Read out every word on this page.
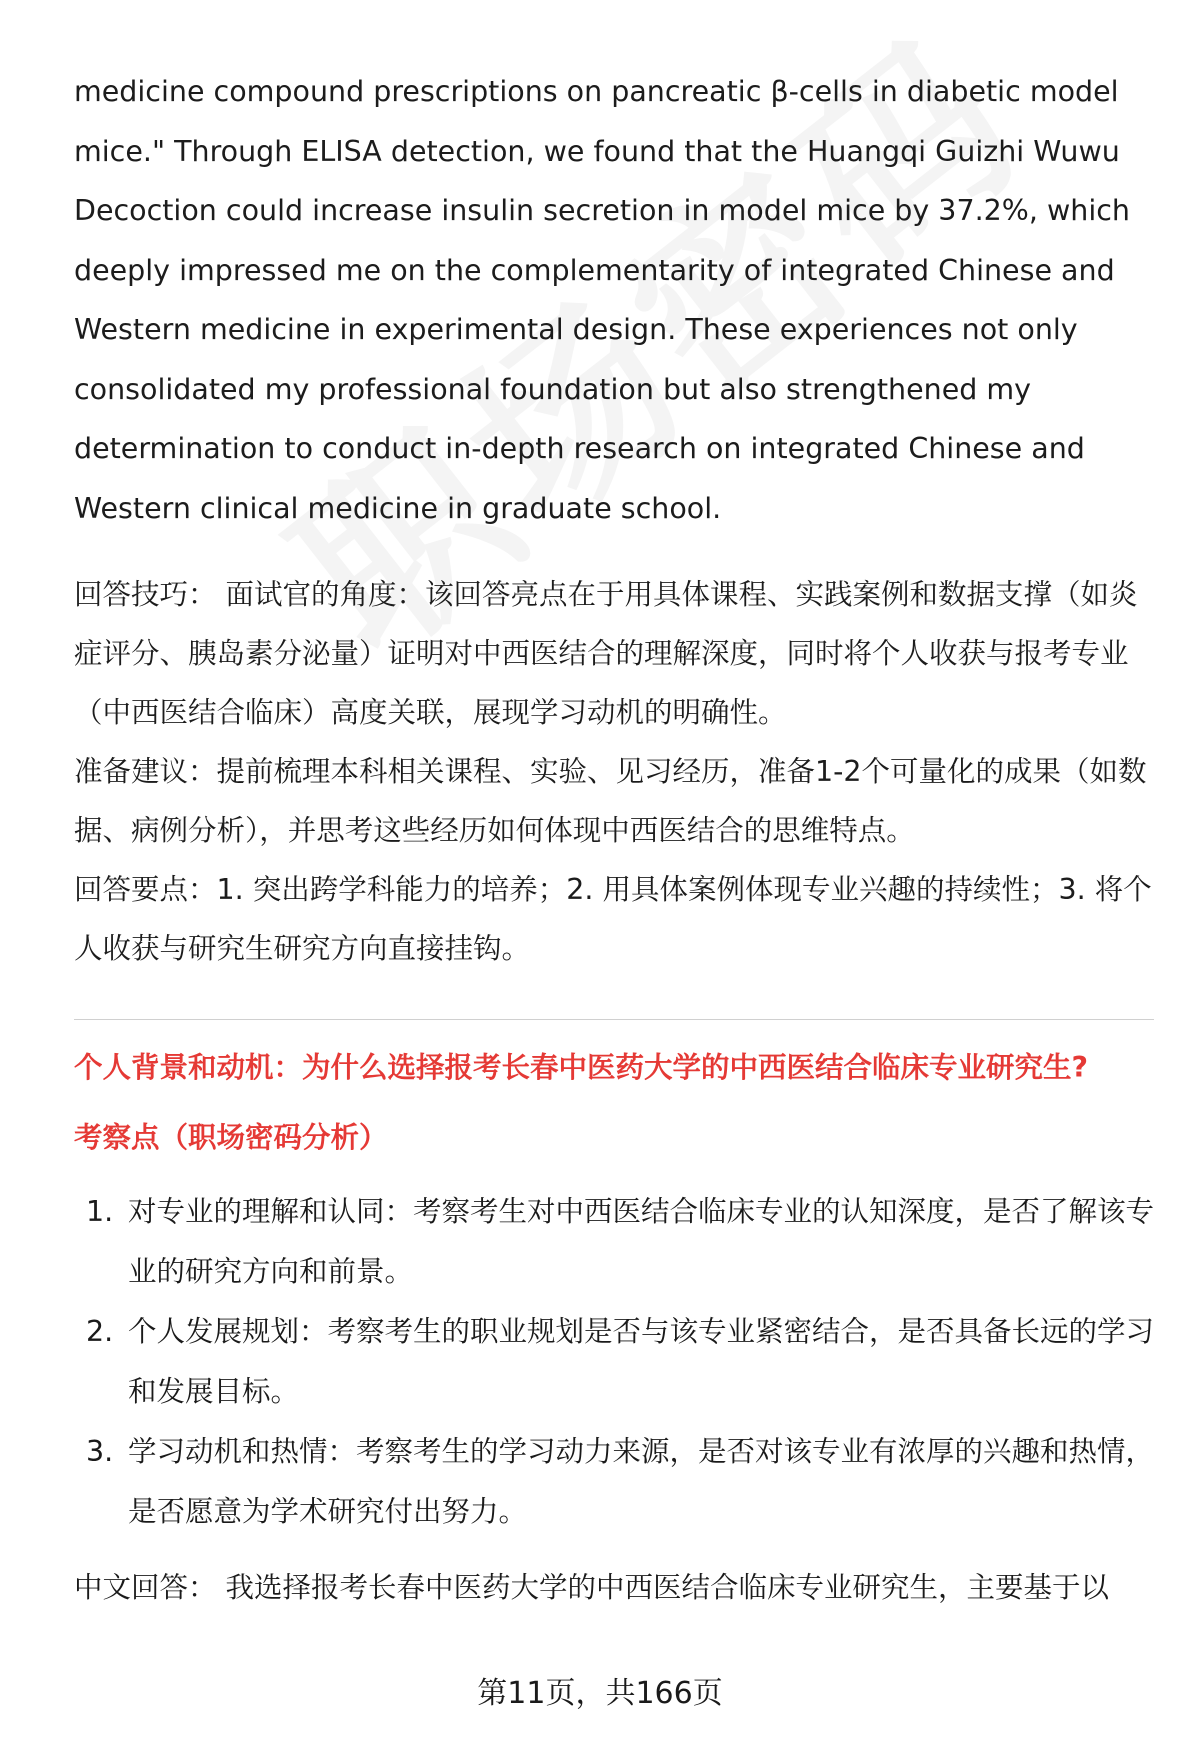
medicine compound prescriptions on pancreatic β-cells in diabetic model mice." Through ELISA detection, we found that the Huangqi Guizhi Wuwu Decoction could increase insulin secretion in model mice by 37.2%, which deeply impressed me on the complementarity of integrated Chinese and Western medicine in experimental design. These experiences not only consolidated my professional foundation but also strengthened my determination to conduct in-depth research on integrated Chinese and Western clinical medicine in graduate school.

回答技巧： 面试官的角度：该回答亮点在于用具体课程、实践案例和数据支撑（如炎症评分、胰岛素分泌量）证明对中西医结合的理解深度，同时将个人收获与报考专业（中西医结合临床）高度关联，展现学习动机的明确性。

准备建议：提前梳理本科相关课程、实验、见习经历，准备1-2个可量化的成果（如数据、病例分析），并思考这些经历如何体现中西医结合的思维特点。

回答要点：1. 突出跨学科能力的培养；2. 用具体案例体现专业兴趣的持续性；3. 将个人收获与研究生研究方向直接挂钩。

个人背景和动机：为什么选择报考长春中医药大学的中西医结合临床专业研究生?

考察点（职场密码分析）

1. 对专业的理解和认同：考察考生对中西医结合临床专业的认知深度，是否了解该专业的研究方向和前景。
2. 个人发展规划：考察考生的职业规划是否与该专业紧密结合，是否具备长远的学习和发展目标。
3. 学习动机和热情：考察考生的学习动力来源，是否对该专业有浓厚的兴趣和热情，是否愿意为学术研究付出努力。

中文回答： 我选择报考长春中医药大学的中西医结合临床专业研究生，主要基于以

第11页，共166页
